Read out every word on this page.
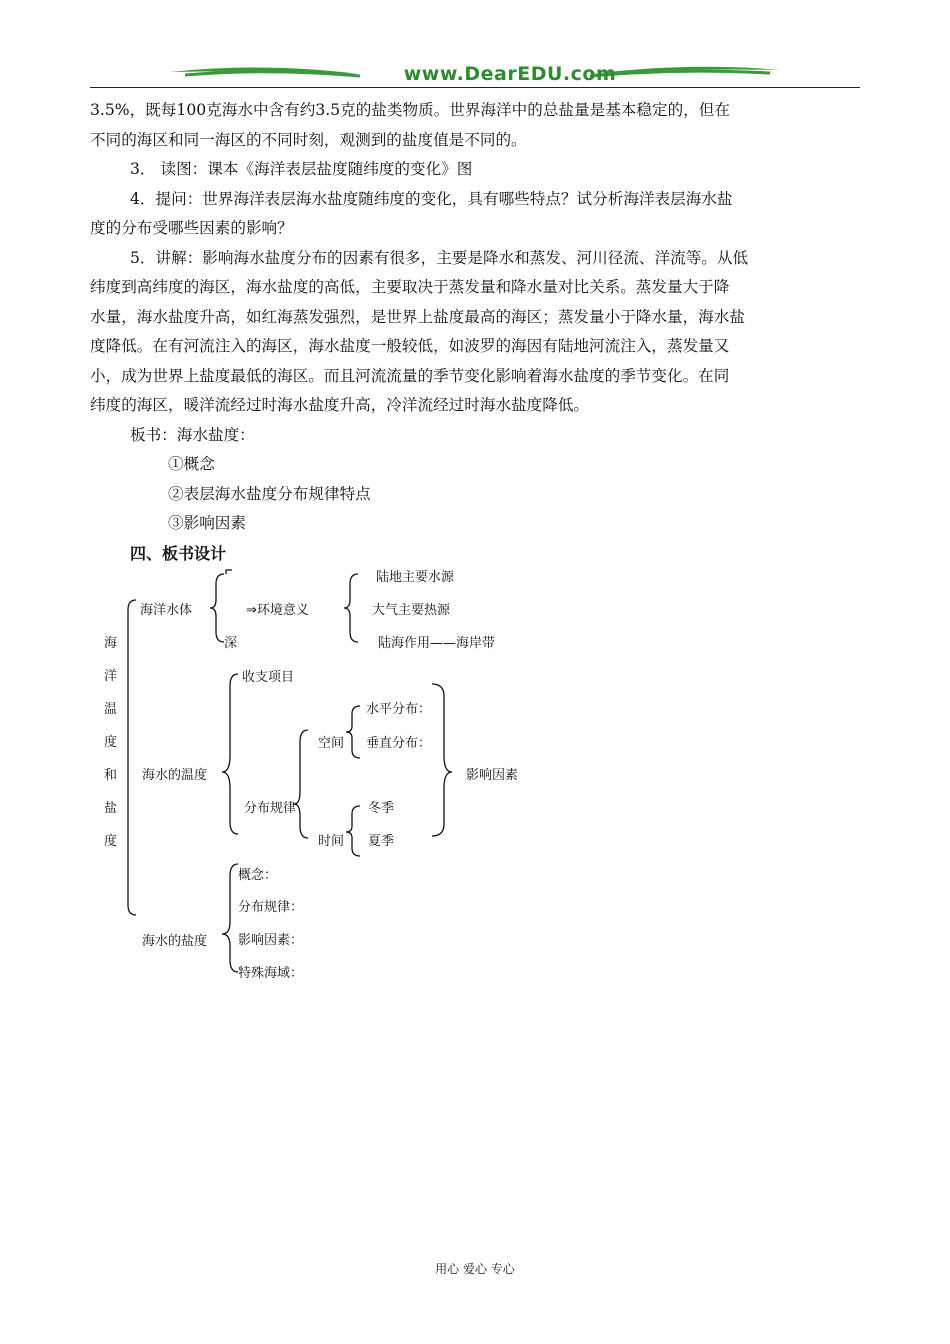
www.DearEDU.com

3.5%，既每100克海水中含有约3.5克的盐类物质。世界海洋中的总盐量是基本稳定的，但在

不同的海区和同一海区的不同时刻，观测到的盐度值是不同的。

3． 读图：课本《海洋表层盐度随纬度的变化》图

4．提问：世界海洋表层海水盐度随纬度的变化，具有哪些特点？试分析海洋表层海水盐

度的分布受哪些因素的影响？

5．讲解：影响海水盐度分布的因素有很多，主要是降水和蒸发、河川径流、洋流等。从低

纬度到高纬度的海区，海水盐度的高低，主要取决于蒸发量和降水量对比关系。蒸发量大于降

水量，海水盐度升高，如红海蒸发强烈，是世界上盐度最高的海区；蒸发量小于降水量，海水盐

度降低。在有河流注入的海区，海水盐度一般较低，如波罗的海因有陆地河流注入，蒸发量又

小，成为世界上盐度最低的海区。而且河流流量的季节变化影响着海水盐度的季节变化。在同

纬度的海区，暖洋流经过时海水盐度升高，冷洋流经过时海水盐度降低。

板书：海水盐度：

①概念

②表层海水盐度分布规律特点

③影响因素

四、板书设计

海
洋
温
度
和
盐
度
海洋水体
深
⇒环境意义
陆地主要水源
大气主要热源
陆海作用——海岸带
海水的温度
收支项目
分布规律
空间
水平分布：
垂直分布：
时间
冬季
夏季
影响因素
海水的盐度
概念：
分布规律：
影响因素：
特殊海域：
用心 爱心 专心
